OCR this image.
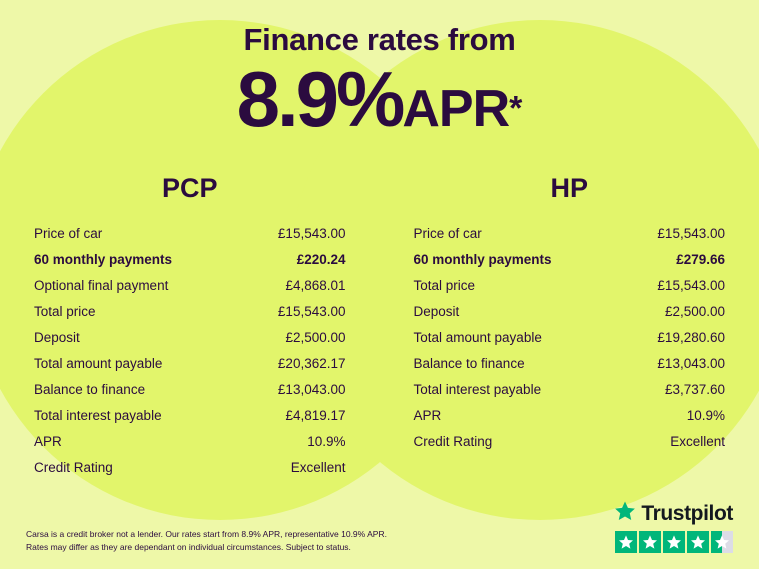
Finance rates from
8.9%APR*
PCP
Price of car	£15,543.00
60 monthly payments	£220.24
Optional final payment	£4,868.01
Total price	£15,543.00
Deposit	£2,500.00
Total amount payable	£20,362.17
Balance to finance	£13,043.00
Total interest payable	£4,819.17
APR	10.9%
Credit Rating	Excellent
HP
Price of car	£15,543.00
60 monthly payments	£279.66
Total price	£15,543.00
Deposit	£2,500.00
Total amount payable	£19,280.60
Balance to finance	£13,043.00
Total interest payable	£3,737.60
APR	10.9%
Credit Rating	Excellent
Carsa is a credit broker not a lender. Our rates start from 8.9% APR, representative 10.9% APR.
Rates may differ as they are dependant on individual circumstances. Subject to status.
Trustpilot
